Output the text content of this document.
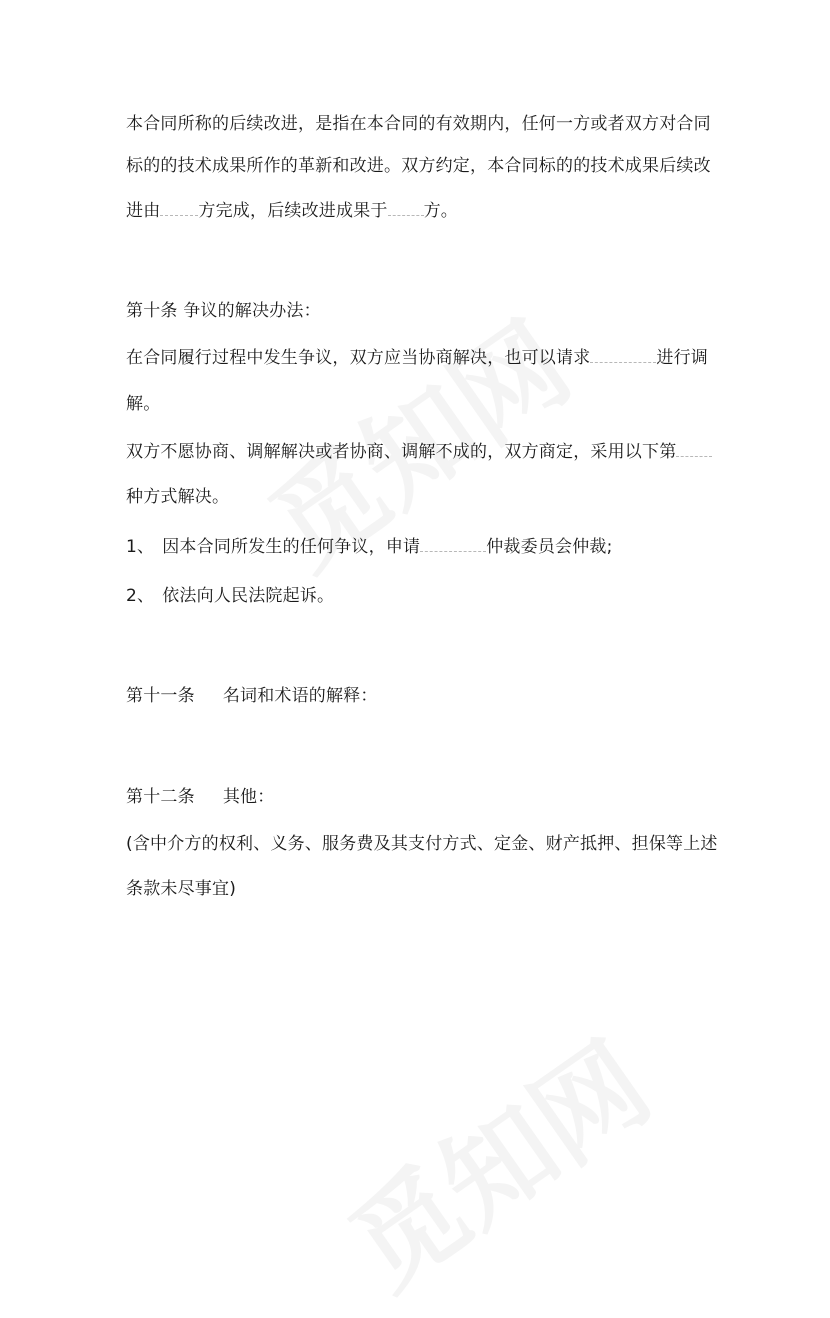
本合同所称的后续改进，是指在本合同的有效期内，任何一方或者双方对合同
标的的技术成果所作的革新和改进。双方约定，本合同标的的技术成果后续改
进由 方完成，后续改进成果于 方。
第十条 争议的解决办法：
在合同履行过程中发生争议，双方应当协商解决，也可以请求	进行调
解。
双方不愿协商、调解解决或者协商、调解不成的，双方商定，采用以下第
种方式解决。
1、 因本合同所发生的任何争议，申请	仲裁委员会仲裁;
2、 依法向人民法院起诉。
第十一条 名词和术语的解释：
第十二条 其他：
(含中介方的权利、义务、服务费及其支付方式、定金、财产抵押、担保等上述
条款未尽事宜)
